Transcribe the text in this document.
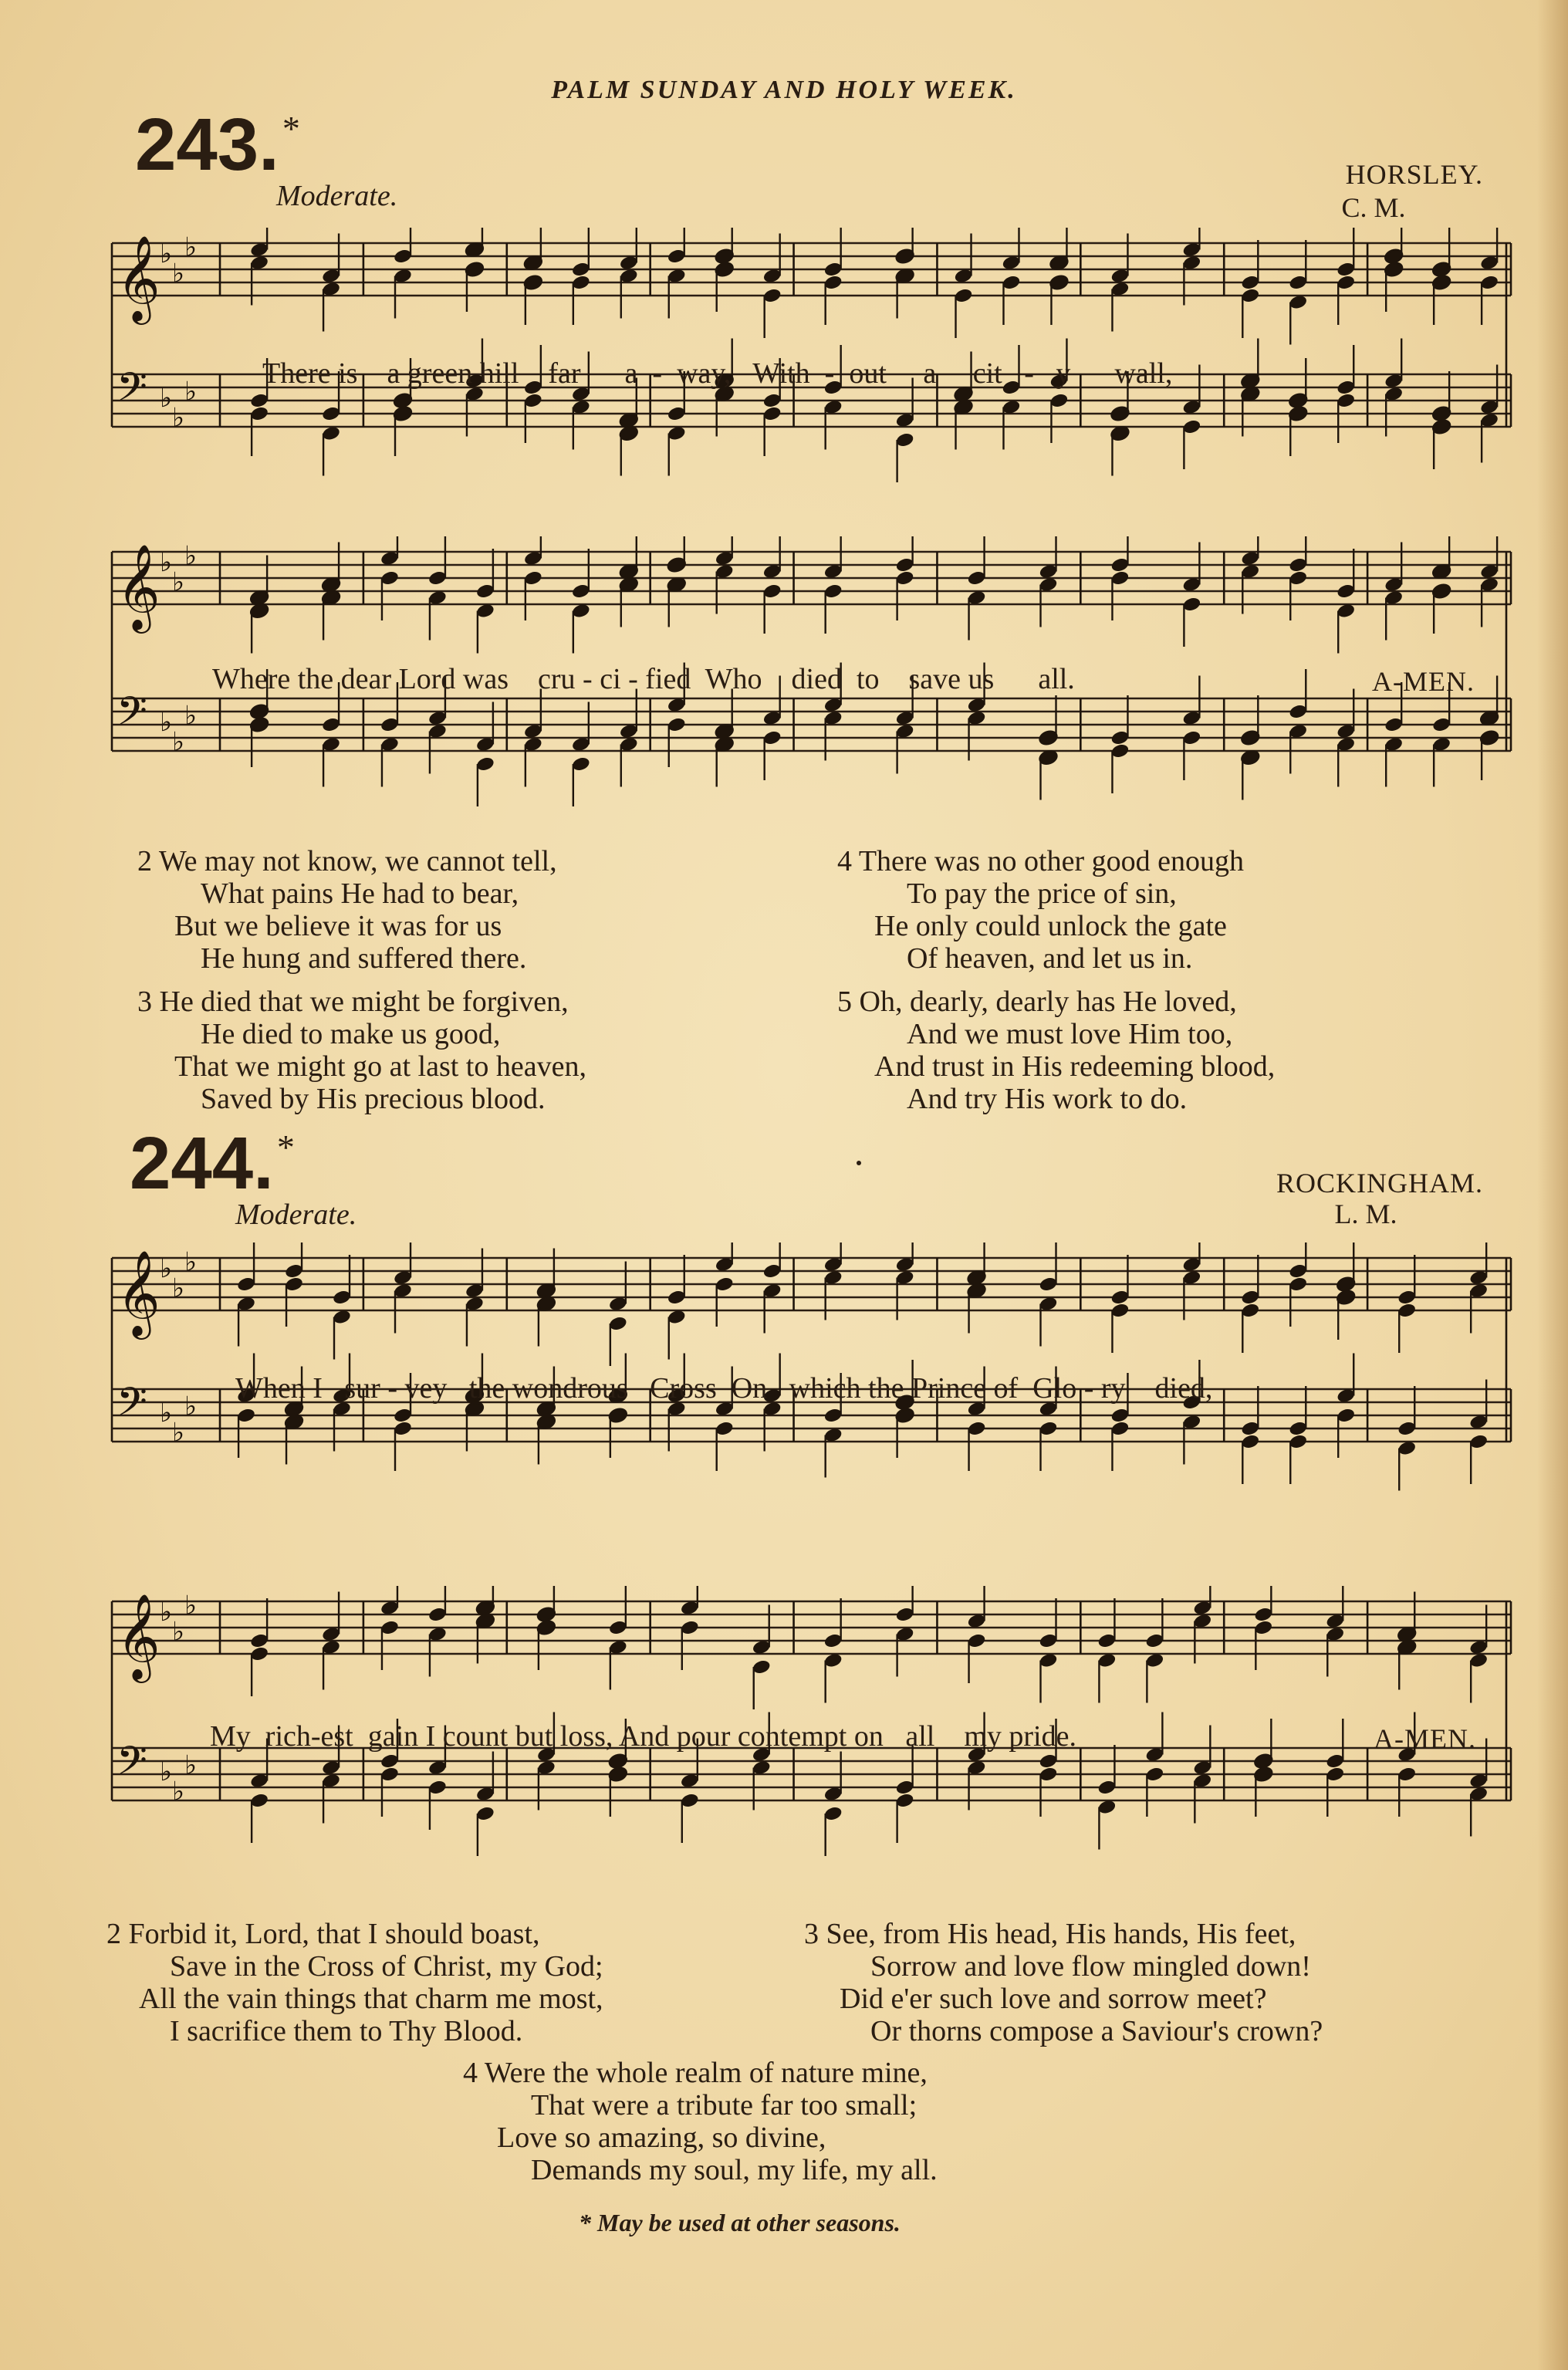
PALM SUNDAY AND HOLY WEEK.
243.*
Moderate.
HORSLEY.
C. M.
𝄞 ♭
♭
♭
𝄢 ♭
♭
♭
There is    a green hill    far      a  -  way,   With  -  out     a     cit   -   y      wall,
𝄞 ♭
♭
♭
𝄢 ♭
♭
♭
Where the dear Lord was    cru - ci - fied  Who    died  to    save us      all.	A-MEN.
2 We may not know, we cannot tell,
What pains He had to bear,
But we believe it was for us
He hung and suffered there.
3 He died that we might be forgiven,
He died to make us good,
That we might go at last to heaven,
Saved by His precious blood.
4 There was no other good enough
To pay the price of sin,
He only could unlock the gate
Of heaven, and let us in.
5 Oh, dearly, dearly has He loved,
And we must love Him too,
And trust in His redeeming blood,
And try His work to do.
244.*
Moderate.
ROCKINGHAM.
L. M.
𝄞 ♭
♭
♭
𝄢 ♭
♭
♭
When I   sur - vey   the wondrous   Cross  On   which the Prince of  Glo - ry    died,
𝄞 ♭
♭
♭
𝄢 ♭
♭
♭
My  rich-est  gain I count but loss, And pour contempt on   all    my pride.	A-MEN.
2 Forbid it, Lord, that I should boast,
Save in the Cross of Christ, my God;
All the vain things that charm me most,
I sacrifice them to Thy Blood.
3 See, from His head, His hands, His feet,
Sorrow and love flow mingled down!
Did e'er such love and sorrow meet?
Or thorns compose a Saviour's crown?
4 Were the whole realm of nature mine,
That were a tribute far too small;
Love so amazing, so divine,
Demands my soul, my life, my all.
* May be used at other seasons.
